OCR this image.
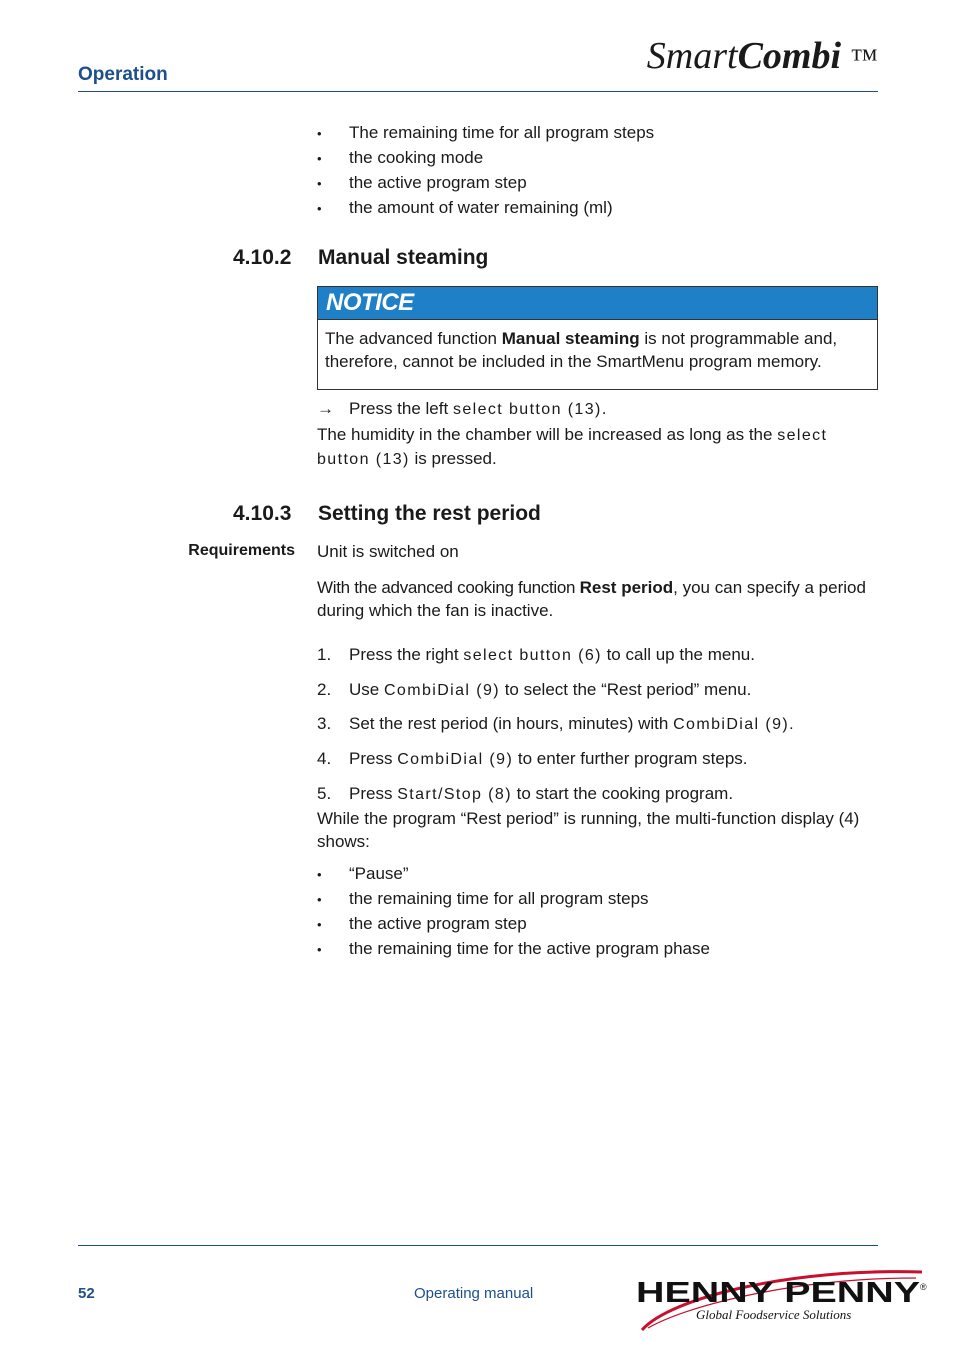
Operation	SmartCombi ™
• The remaining time for all program steps
• the cooking mode
• the active program step
• the amount of water remaining (ml)
4.10.2 Manual steaming
NOTICE
The advanced function Manual steaming is not programmable and, therefore, cannot be included in the SmartMenu program memory.
→ Press the left select button (13).
The humidity in the chamber will be increased as long as the select button (13) is pressed.
4.10.3 Setting the rest period
Requirements Unit is switched on
With the advanced cooking function Rest period, you can specify a period during which the fan is inactive.
1. Press the right select button (6) to call up the menu.
2. Use CombiDial (9) to select the “Rest period” menu.
3. Set the rest period (in hours, minutes) with CombiDial (9).
4. Press CombiDial (9) to enter further program steps.
5. Press Start/Stop (8) to start the cooking program.
While the program “Rest period” is running, the multi-function display (4) shows:
• “Pause”
• the remaining time for all program steps
• the active program step
• the remaining time for the active program phase
52	Operating manual	HENNY PENNY ®
Global Foodservice Solutions
